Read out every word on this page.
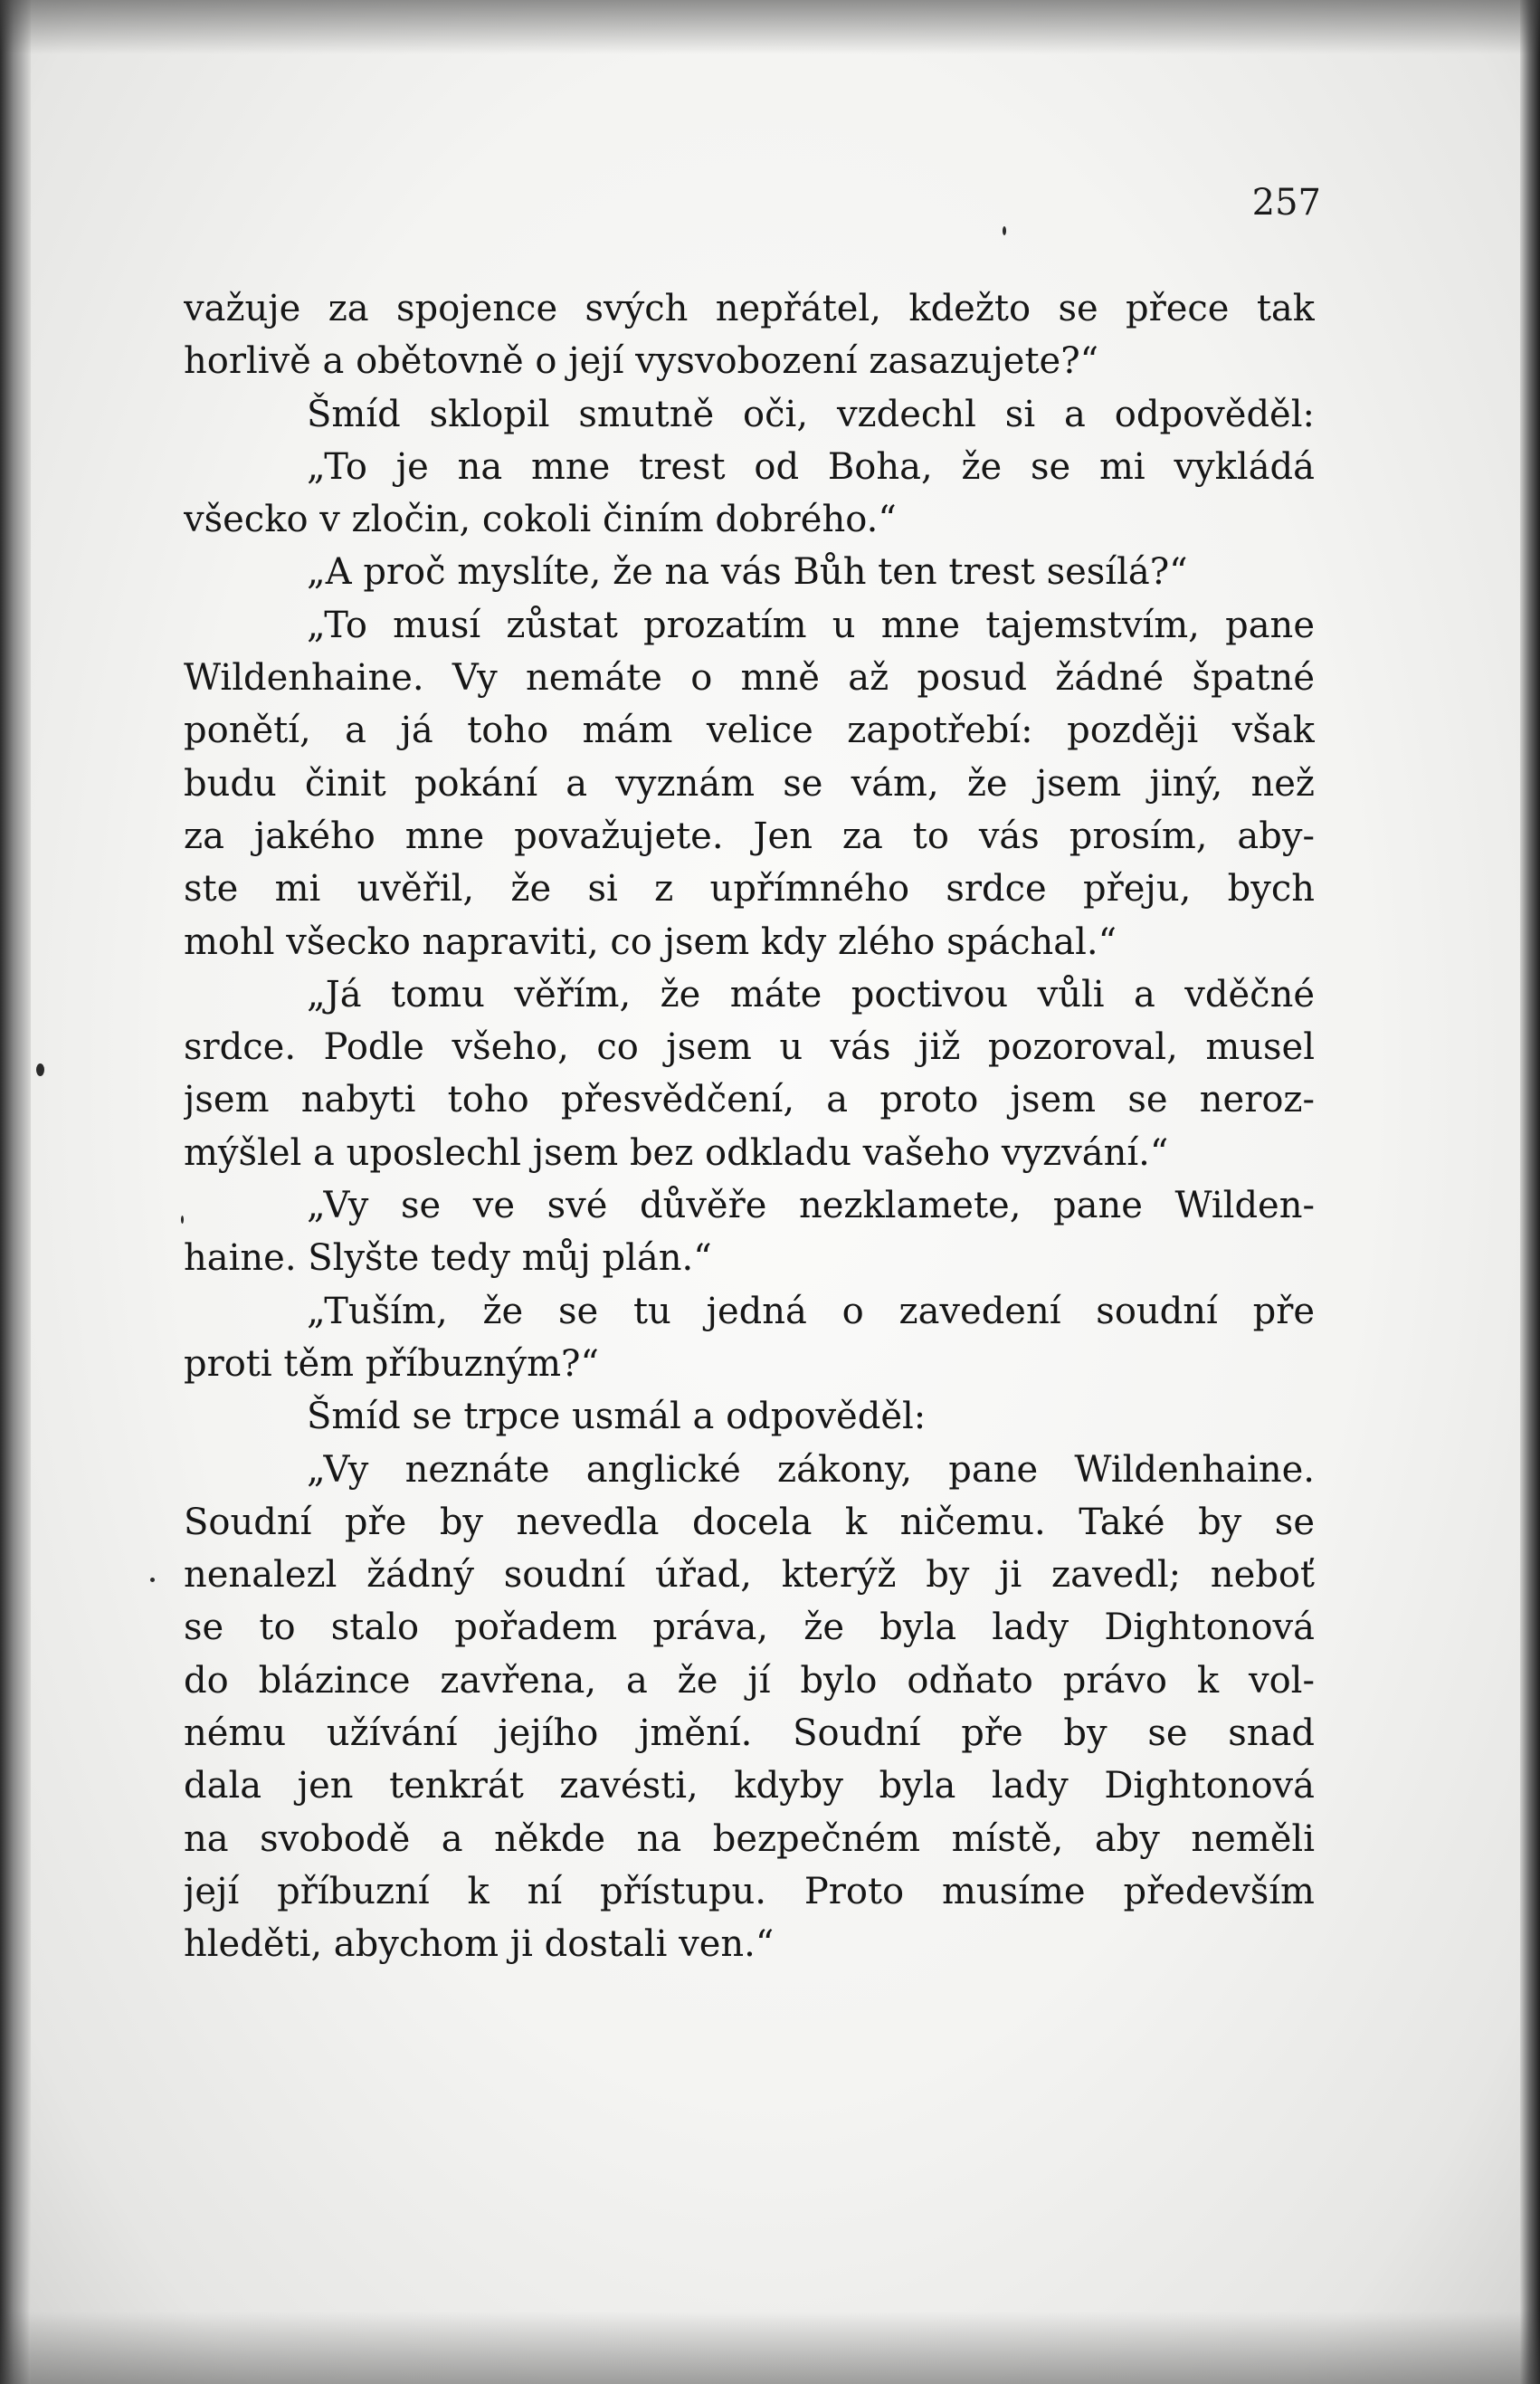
257
važuje za spojence svých nepřátel, kdežto se přece tak
horlivě a obětovně o její vysvobození zasazujete?“
Šmíd sklopil smutně oči, vzdechl si a odpověděl:
„To je na mne trest od Boha, že se mi vykládá
všecko v zločin, cokoli činím dobrého.“
„A proč myslíte, že na vás Bůh ten trest sesílá?“
„To musí zůstat prozatím u mne tajemstvím, pane
Wildenhaine. Vy nemáte o mně až posud žádné špatné
ponětí, a já toho mám velice zapotřebí: později však
budu činit pokání a vyznám se vám, že jsem jiný, než
za jakého mne považujete. Jen za to vás prosím, aby-
ste mi uvěřil, že si z upřímného srdce přeju, bych
mohl všecko napraviti, co jsem kdy zlého spáchal.“
„Já tomu věřím, že máte poctivou vůli a vděčné
srdce. Podle všeho, co jsem u vás již pozoroval, musel
jsem nabyti toho přesvědčení, a proto jsem se neroz-
mýšlel a uposlechl jsem bez odkladu vašeho vyzvání.“
„Vy se ve své důvěře nezklamete, pane Wilden-
haine. Slyšte tedy můj plán.“
„Tuším, že se tu jedná o zavedení soudní pře
proti těm příbuzným?“
Šmíd se trpce usmál a odpověděl:
„Vy neznáte anglické zákony, pane Wildenhaine.
Soudní pře by nevedla docela k ničemu. Také by se
nenalezl žádný soudní úřad, kterýž by ji zavedl; neboť
se to stalo pořadem práva, že byla lady Dightonová
do blázince zavřena, a že jí bylo odňato právo k vol-
nému užívání jejího jmění. Soudní pře by se snad
dala jen tenkrát zavésti, kdyby byla lady Dightonová
na svobodě a někde na bezpečném místě, aby neměli
její příbuzní k ní přístupu. Proto musíme především
hleděti, abychom ji dostali ven.“
